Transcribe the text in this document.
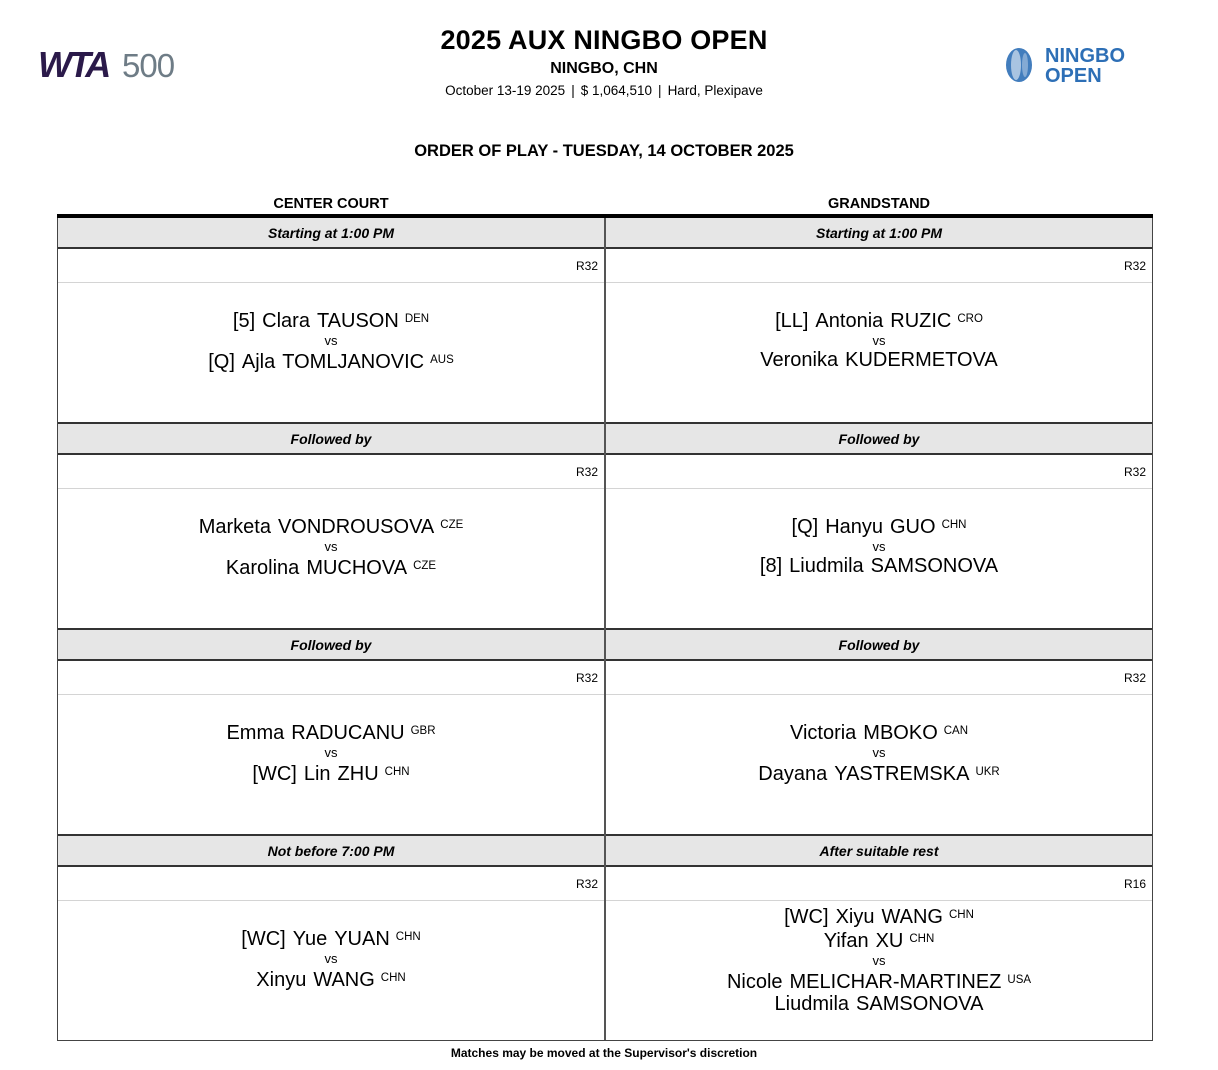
WTA 500
2025 AUX NINGBO OPEN
NINGBO, CHN
October 13-19 2025 | $ 1,064,510 | Hard, Plexipave
NINGBO
OPEN
ORDER OF PLAY - TUESDAY, 14 OCTOBER 2025
CENTER COURT	GRANDSTAND
Starting at 1:00 PM
R32
[5] Clara TAUSON $^{DEN}$
vs
[Q] Ajla TOMLJANOVIC $^{AUS}$
Followed by
R32
Marketa VONDROUSOVA $^{CZE}$
vs
Karolina MUCHOVA $^{CZE}$
Followed by
R32
Emma RADUCANU $^{GBR}$
vs
[WC] Lin ZHU $^{CHN}$
Not before 7:00 PM
R32
[WC] Yue YUAN $^{CHN}$
vs
Xinyu WANG $^{CHN}$
Starting at 1:00 PM
R32
[LL] Antonia RUZIC $^{CRO}$
vs
Veronika KUDERMETOVA
Followed by
R32
[Q] Hanyu GUO $^{CHN}$
vs
[8] Liudmila SAMSONOVA
Followed by
R32
Victoria MBOKO $^{CAN}$
vs
Dayana YASTREMSKA $^{UKR}$
After suitable rest
R16
[WC] Xiyu WANG $^{CHN}$
Yifan XU $^{CHN}$
vs
Nicole MELICHAR-MARTINEZ $^{USA}$
Liudmila SAMSONOVA
Matches may be moved at the Supervisor's discretion
